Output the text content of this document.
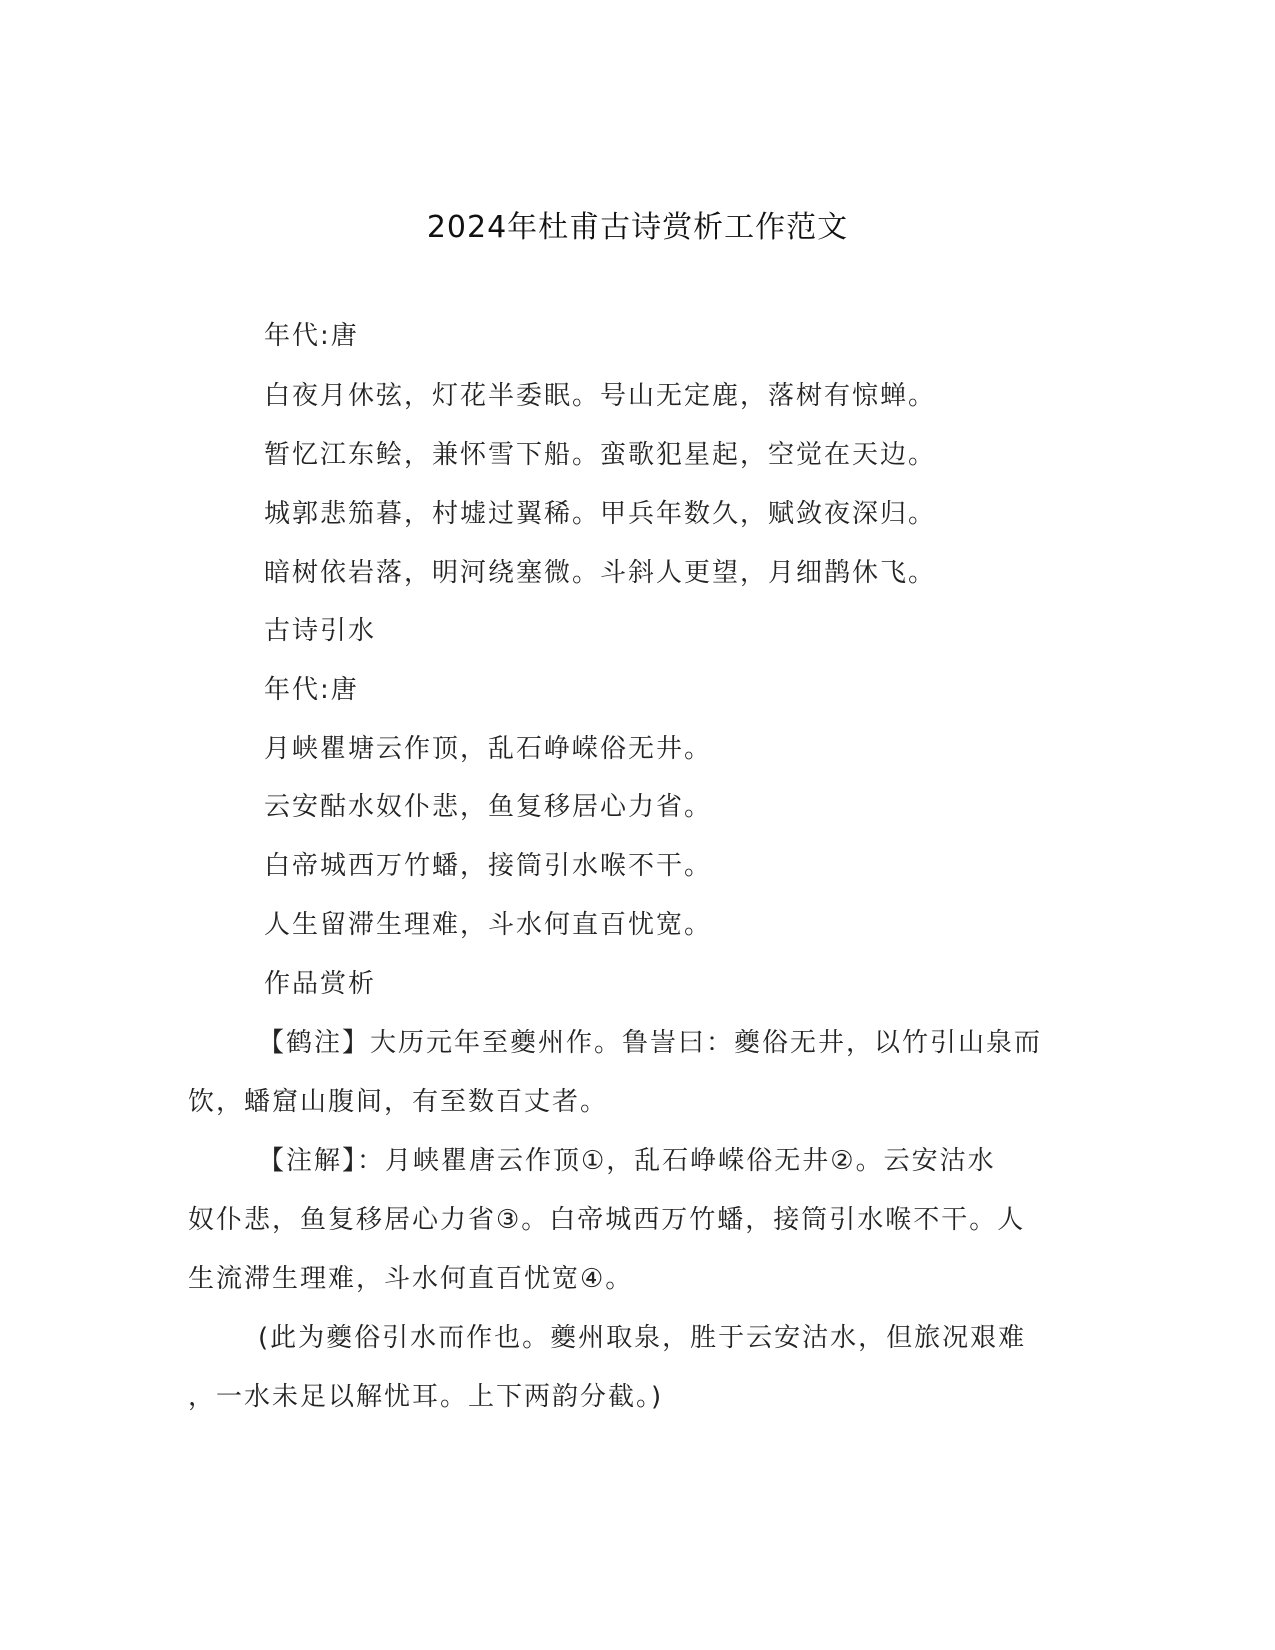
2024年杜甫古诗赏析工作范文
年代:唐
白夜月休弦，灯花半委眠。号山无定鹿，落树有惊蝉。
暂忆江东鲙，兼怀雪下船。蛮歌犯星起，空觉在天边。
城郭悲笳暮，村墟过翼稀。甲兵年数久，赋敛夜深归。
暗树依岩落，明河绕塞微。斗斜人更望，月细鹊休飞。
古诗引水
年代:唐
月峡瞿塘云作顶，乱石峥嵘俗无井。
云安酤水奴仆悲，鱼复移居心力省。
白帝城西万竹蟠，接筒引水喉不干。
人生留滞生理难，斗水何直百忧宽。
作品赏析
【鹤注】大历元年至夔州作。鲁訔曰：夔俗无井，以竹引山泉而
饮，蟠窟山腹间，有至数百丈者。
【注解】：月峡瞿唐云作顶①，乱石峥嵘俗无井②。云安沽水
奴仆悲，鱼复移居心力省③。白帝城西万竹蟠，接筒引水喉不干。人
生流滞生理难，斗水何直百忧宽④。
(此为夔俗引水而作也。夔州取泉，胜于云安沽水，但旅况艰难
，一水未足以解忧耳。上下两韵分截。)
